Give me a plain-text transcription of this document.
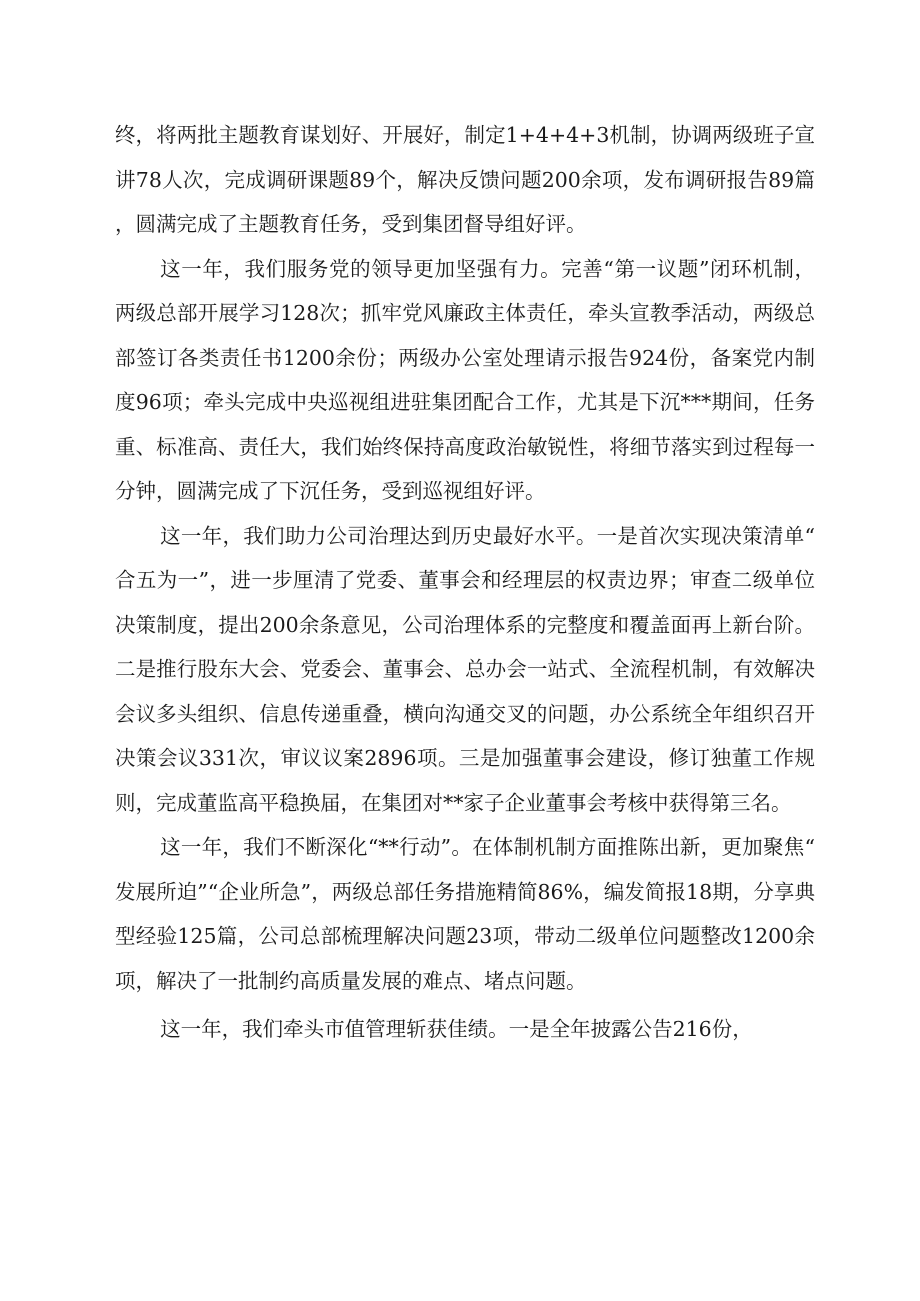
终，将两批主题教育谋划好、开展好，制定1+4+4+3机制，协调两级班子宣讲78人次，完成调研课题89个，解决反馈问题200余项，发布调研报告89篇，圆满完成了主题教育任务，受到集团督导组好评。

这一年，我们服务党的领导更加坚强有力。完善“第一议题”闭环机制，两级总部开展学习128次；抓牢党风廉政主体责任，牵头宣教季活动，两级总部签订各类责任书1200余份；两级办公室处理请示报告924份，备案党内制度96项；牵头完成中央巡视组进驻集团配合工作，尤其是下沉***期间，任务重、标准高、责任大，我们始终保持高度政治敏锐性，将细节落实到过程每一分钟，圆满完成了下沉任务，受到巡视组好评。

这一年，我们助力公司治理达到历史最好水平。一是首次实现决策清单“合五为一”，进一步厘清了党委、董事会和经理层的权责边界；审查二级单位决策制度，提出200余条意见，公司治理体系的完整度和覆盖面再上新台阶。二是推行股东大会、党委会、董事会、总办会一站式、全流程机制，有效解决会议多头组织、信息传递重叠，横向沟通交叉的问题，办公系统全年组织召开决策会议331次，审议议案2896项。三是加强董事会建设，修订独董工作规则，完成董监高平稳换届，在集团对**家子企业董事会考核中获得第三名。

这一年，我们不断深化“**行动”。在体制机制方面推陈出新，更加聚焦“发展所迫”“企业所急”，两级总部任务措施精简86%，编发简报18期，分享典型经验125篇，公司总部梳理解决问题23项，带动二级单位问题整改1200余项，解决了一批制约高质量发展的难点、堵点问题。

这一年，我们牵头市值管理斩获佳绩。一是全年披露公告216份，
